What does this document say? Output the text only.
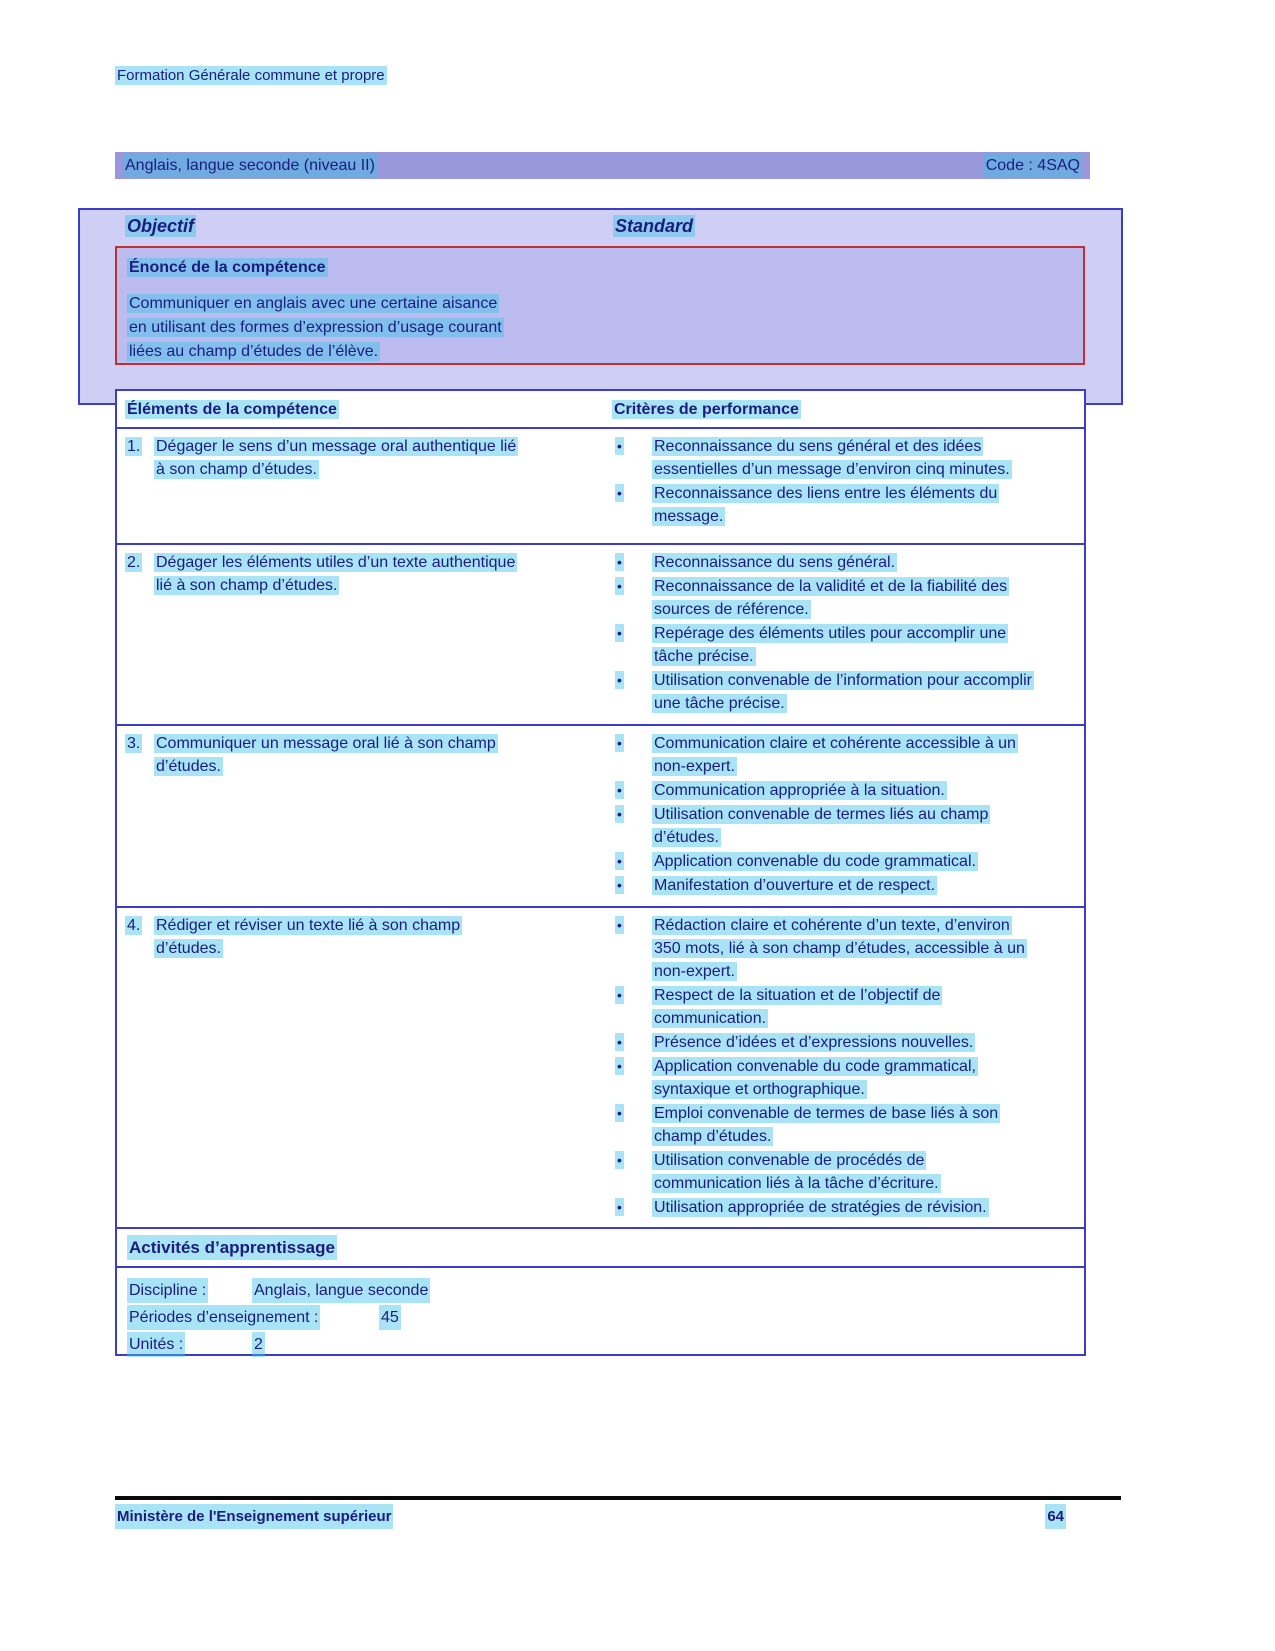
Formation Générale commune et propre
Anglais, langue seconde (niveau II)	Code : 4SAQ
Objectif	Standard
Énoncé de la compétence
Communiquer en anglais avec une certaine aisance
en utilisant des formes d’expression d’usage courant
liées au champ d’études de l’élève.
Éléments de la compétence	Critères de performance
1. Dégager le sens d’un message oral authentique lié à son champ d’études.
•	Reconnaissance du sens général et des idées essentielles d’un message d’environ cinq minutes.
•	Reconnaissance des liens entre les éléments du message.
2. Dégager les éléments utiles d’un texte authentique lié à son champ d’études.
•	Reconnaissance du sens général.
•	Reconnaissance de la validité et de la fiabilité des sources de référence.
•	Repérage des éléments utiles pour accomplir une tâche précise.
•	Utilisation convenable de l’information pour accomplir une tâche précise.
3. Communiquer un message oral lié à son champ d’études.
•	Communication claire et cohérente accessible à un non-expert.
•	Communication appropriée à la situation.
•	Utilisation convenable de termes liés au champ d’études.
•	Application convenable du code grammatical.
•	Manifestation d’ouverture et de respect.
4. Rédiger et réviser un texte lié à son champ d’études.
•	Rédaction claire et cohérente d’un texte, d’environ 350 mots, lié à son champ d’études, accessible à un non-expert.
•	Respect de la situation et de l’objectif de communication.
•	Présence d’idées et d’expressions nouvelles.
•	Application convenable du code grammatical, syntaxique et orthographique.
•	Emploi convenable de termes de base liés à son champ d’études.
•	Utilisation convenable de procédés de communication liés à la tâche d’écriture.
•	Utilisation appropriée de stratégies de révision.
Activités d’apprentissage
Discipline :	Anglais, langue seconde
Périodes d’enseignement :	45
Unités :	2
Ministère de l'Enseignement supérieur	64
